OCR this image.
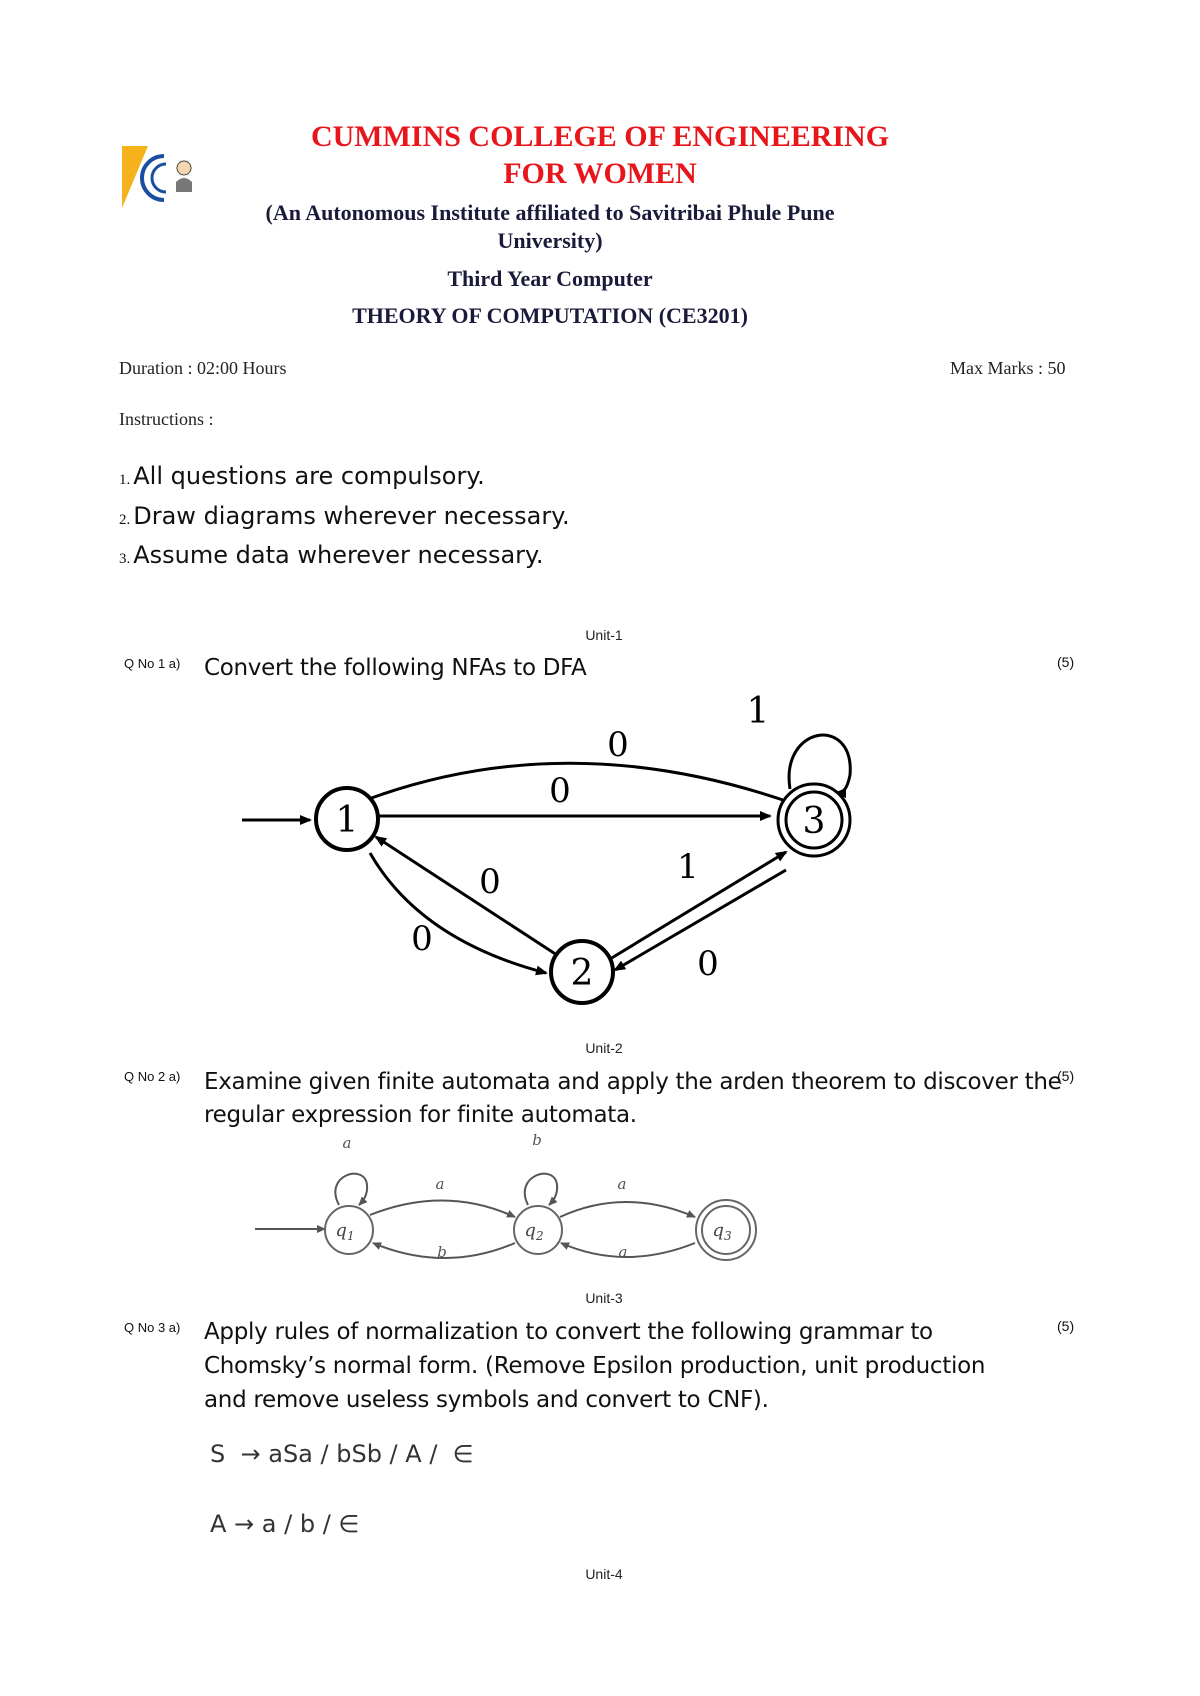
CUMMINS COLLEGE OF ENGINEERING
FOR WOMEN
(An Autonomous Institute affiliated to Savitribai Phule Pune
University)
Third Year Computer
THEORY OF COMPUTATION (CE3201)
Duration : 02:00 Hours	Max Marks : 50
Instructions :
1. All questions are compulsory.
2. Draw diagrams wherever necessary.
3. Assume data wherever necessary.
Unit-1
Q No 1 a) Convert the following NFAs to DFA	(5)
1
2
3
0
0
1
0
0
1
0
Unit-2
Q No 2 a) Examine given finite automata and apply the arden theorem to discover the
regular expression for finite automata.
(5)
$q_1$	$q_2$	$q_3$
a	b
a
b
a
a
Unit-3
Q No 3 a) Apply rules of normalization to convert the following grammar to
Chomsky’s normal form. (Remove Epsilon production, unit production
and remove useless symbols and convert to CNF).
(5)
S  → aSa / bSb / A /  ∈
A → a / b / ∈
Unit-4
